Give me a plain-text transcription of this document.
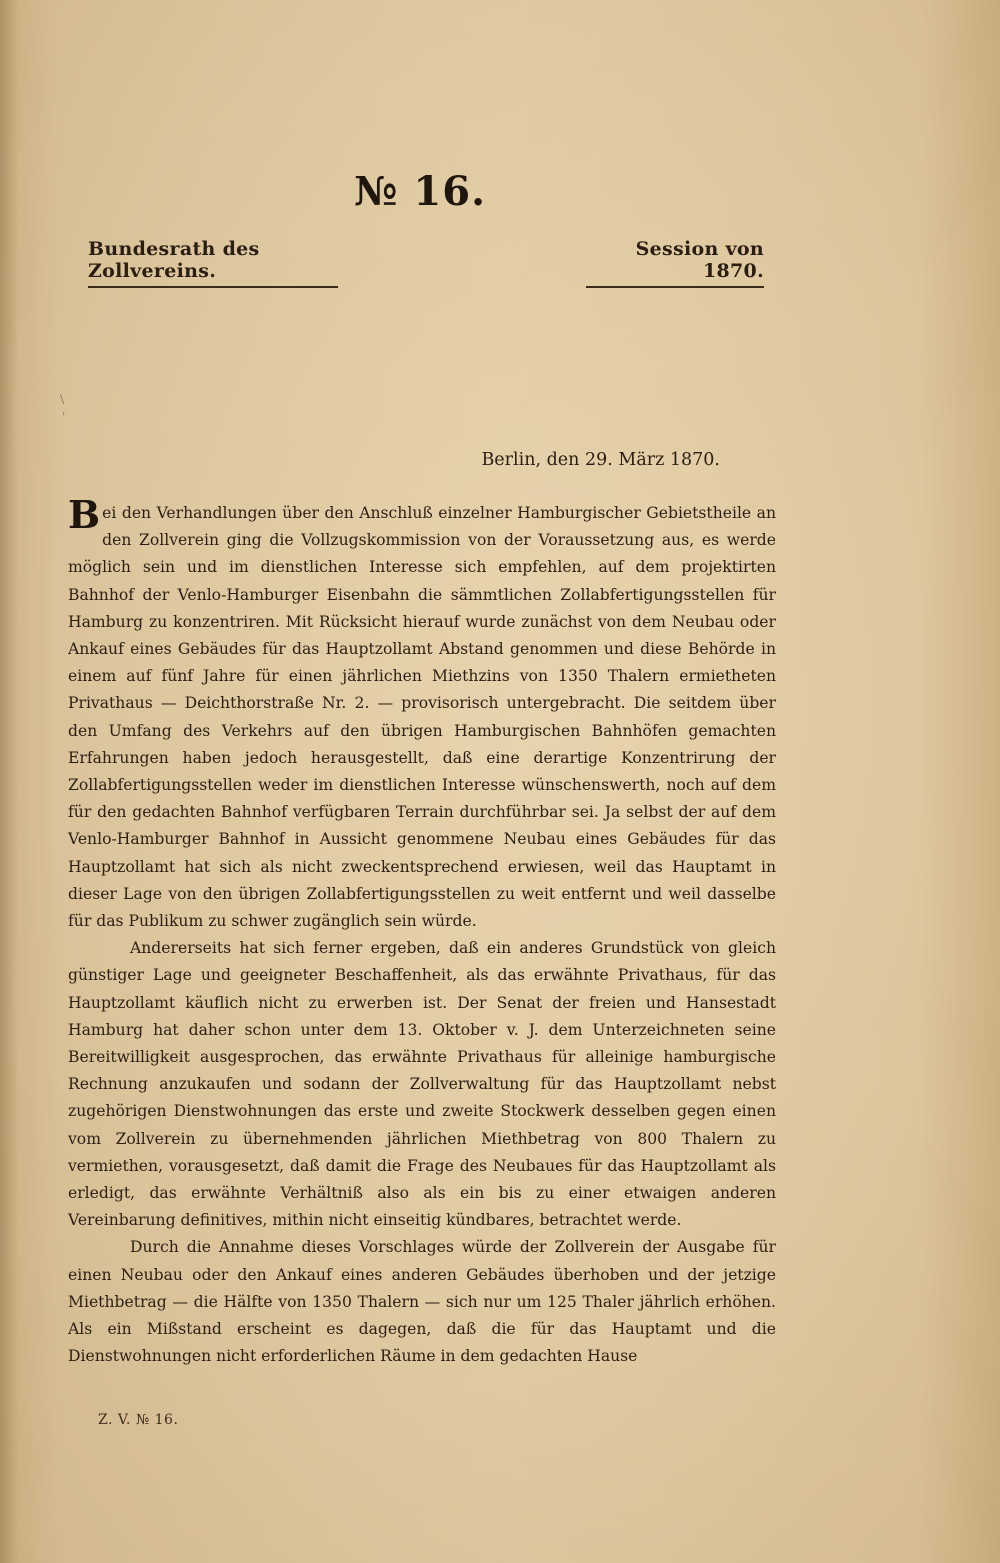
№ 16.
Bundesrath des Zollvereins.
Session von 1870.
\
'
Berlin, den 29. März 1870.

Bei den Verhandlungen über den Anschluß einzelner Hamburgischer Gebietstheile an den Zollverein ging die Vollzugskommission von der Voraussetzung aus, es werde möglich sein und im dienstlichen Interesse sich empfehlen, auf dem projektirten Bahnhof der Venlo-Hamburger Eisenbahn die sämmtlichen Zollabfertigungsstellen für Hamburg zu konzentriren. Mit Rücksicht hierauf wurde zunächst von dem Neubau oder Ankauf eines Gebäudes für das Hauptzollamt Abstand genommen und diese Behörde in einem auf fünf Jahre für einen jährlichen Miethzins von 1350 Thalern ermietheten Privathaus — Deichthorstraße Nr. 2. — provisorisch untergebracht. Die seitdem über den Umfang des Verkehrs auf den übrigen Hamburgischen Bahnhöfen gemachten Erfahrungen haben jedoch herausgestellt, daß eine derartige Konzentrirung der Zollabfertigungsstellen weder im dienstlichen Interesse wünschenswerth, noch auf dem für den gedachten Bahnhof verfügbaren Terrain durchführbar sei. Ja selbst der auf dem Venlo-Hamburger Bahnhof in Aussicht genommene Neubau eines Gebäudes für das Hauptzollamt hat sich als nicht zweckentsprechend erwiesen, weil das Hauptamt in dieser Lage von den übrigen Zollabfertigungsstellen zu weit entfernt und weil dasselbe für das Publikum zu schwer zugänglich sein würde.

Andererseits hat sich ferner ergeben, daß ein anderes Grundstück von gleich günstiger Lage und geeigneter Beschaffenheit, als das erwähnte Privathaus, für das Hauptzollamt käuflich nicht zu erwerben ist. Der Senat der freien und Hansestadt Hamburg hat daher schon unter dem 13. Oktober v. J. dem Unterzeichneten seine Bereitwilligkeit ausgesprochen, das erwähnte Privathaus für alleinige hamburgische Rechnung anzukaufen und sodann der Zollverwaltung für das Hauptzollamt nebst zugehörigen Dienstwohnungen das erste und zweite Stockwerk desselben gegen einen vom Zollverein zu übernehmenden jährlichen Miethbetrag von 800 Thalern zu vermiethen, vorausgesetzt, daß damit die Frage des Neubaues für das Hauptzollamt als erledigt, das erwähnte Verhältniß also als ein bis zu einer etwaigen anderen Vereinbarung definitives, mithin nicht einseitig kündbares, betrachtet werde.

Durch die Annahme dieses Vorschlages würde der Zollverein der Ausgabe für einen Neubau oder den Ankauf eines anderen Gebäudes überhoben und der jetzige Miethbetrag — die Hälfte von 1350 Thalern — sich nur um 125 Thaler jährlich erhöhen. Als ein Mißstand erscheint es dagegen, daß die für das Hauptamt und die Dienstwohnungen nicht erforderlichen Räume in dem gedachten Hause

Z. V. № 16.
